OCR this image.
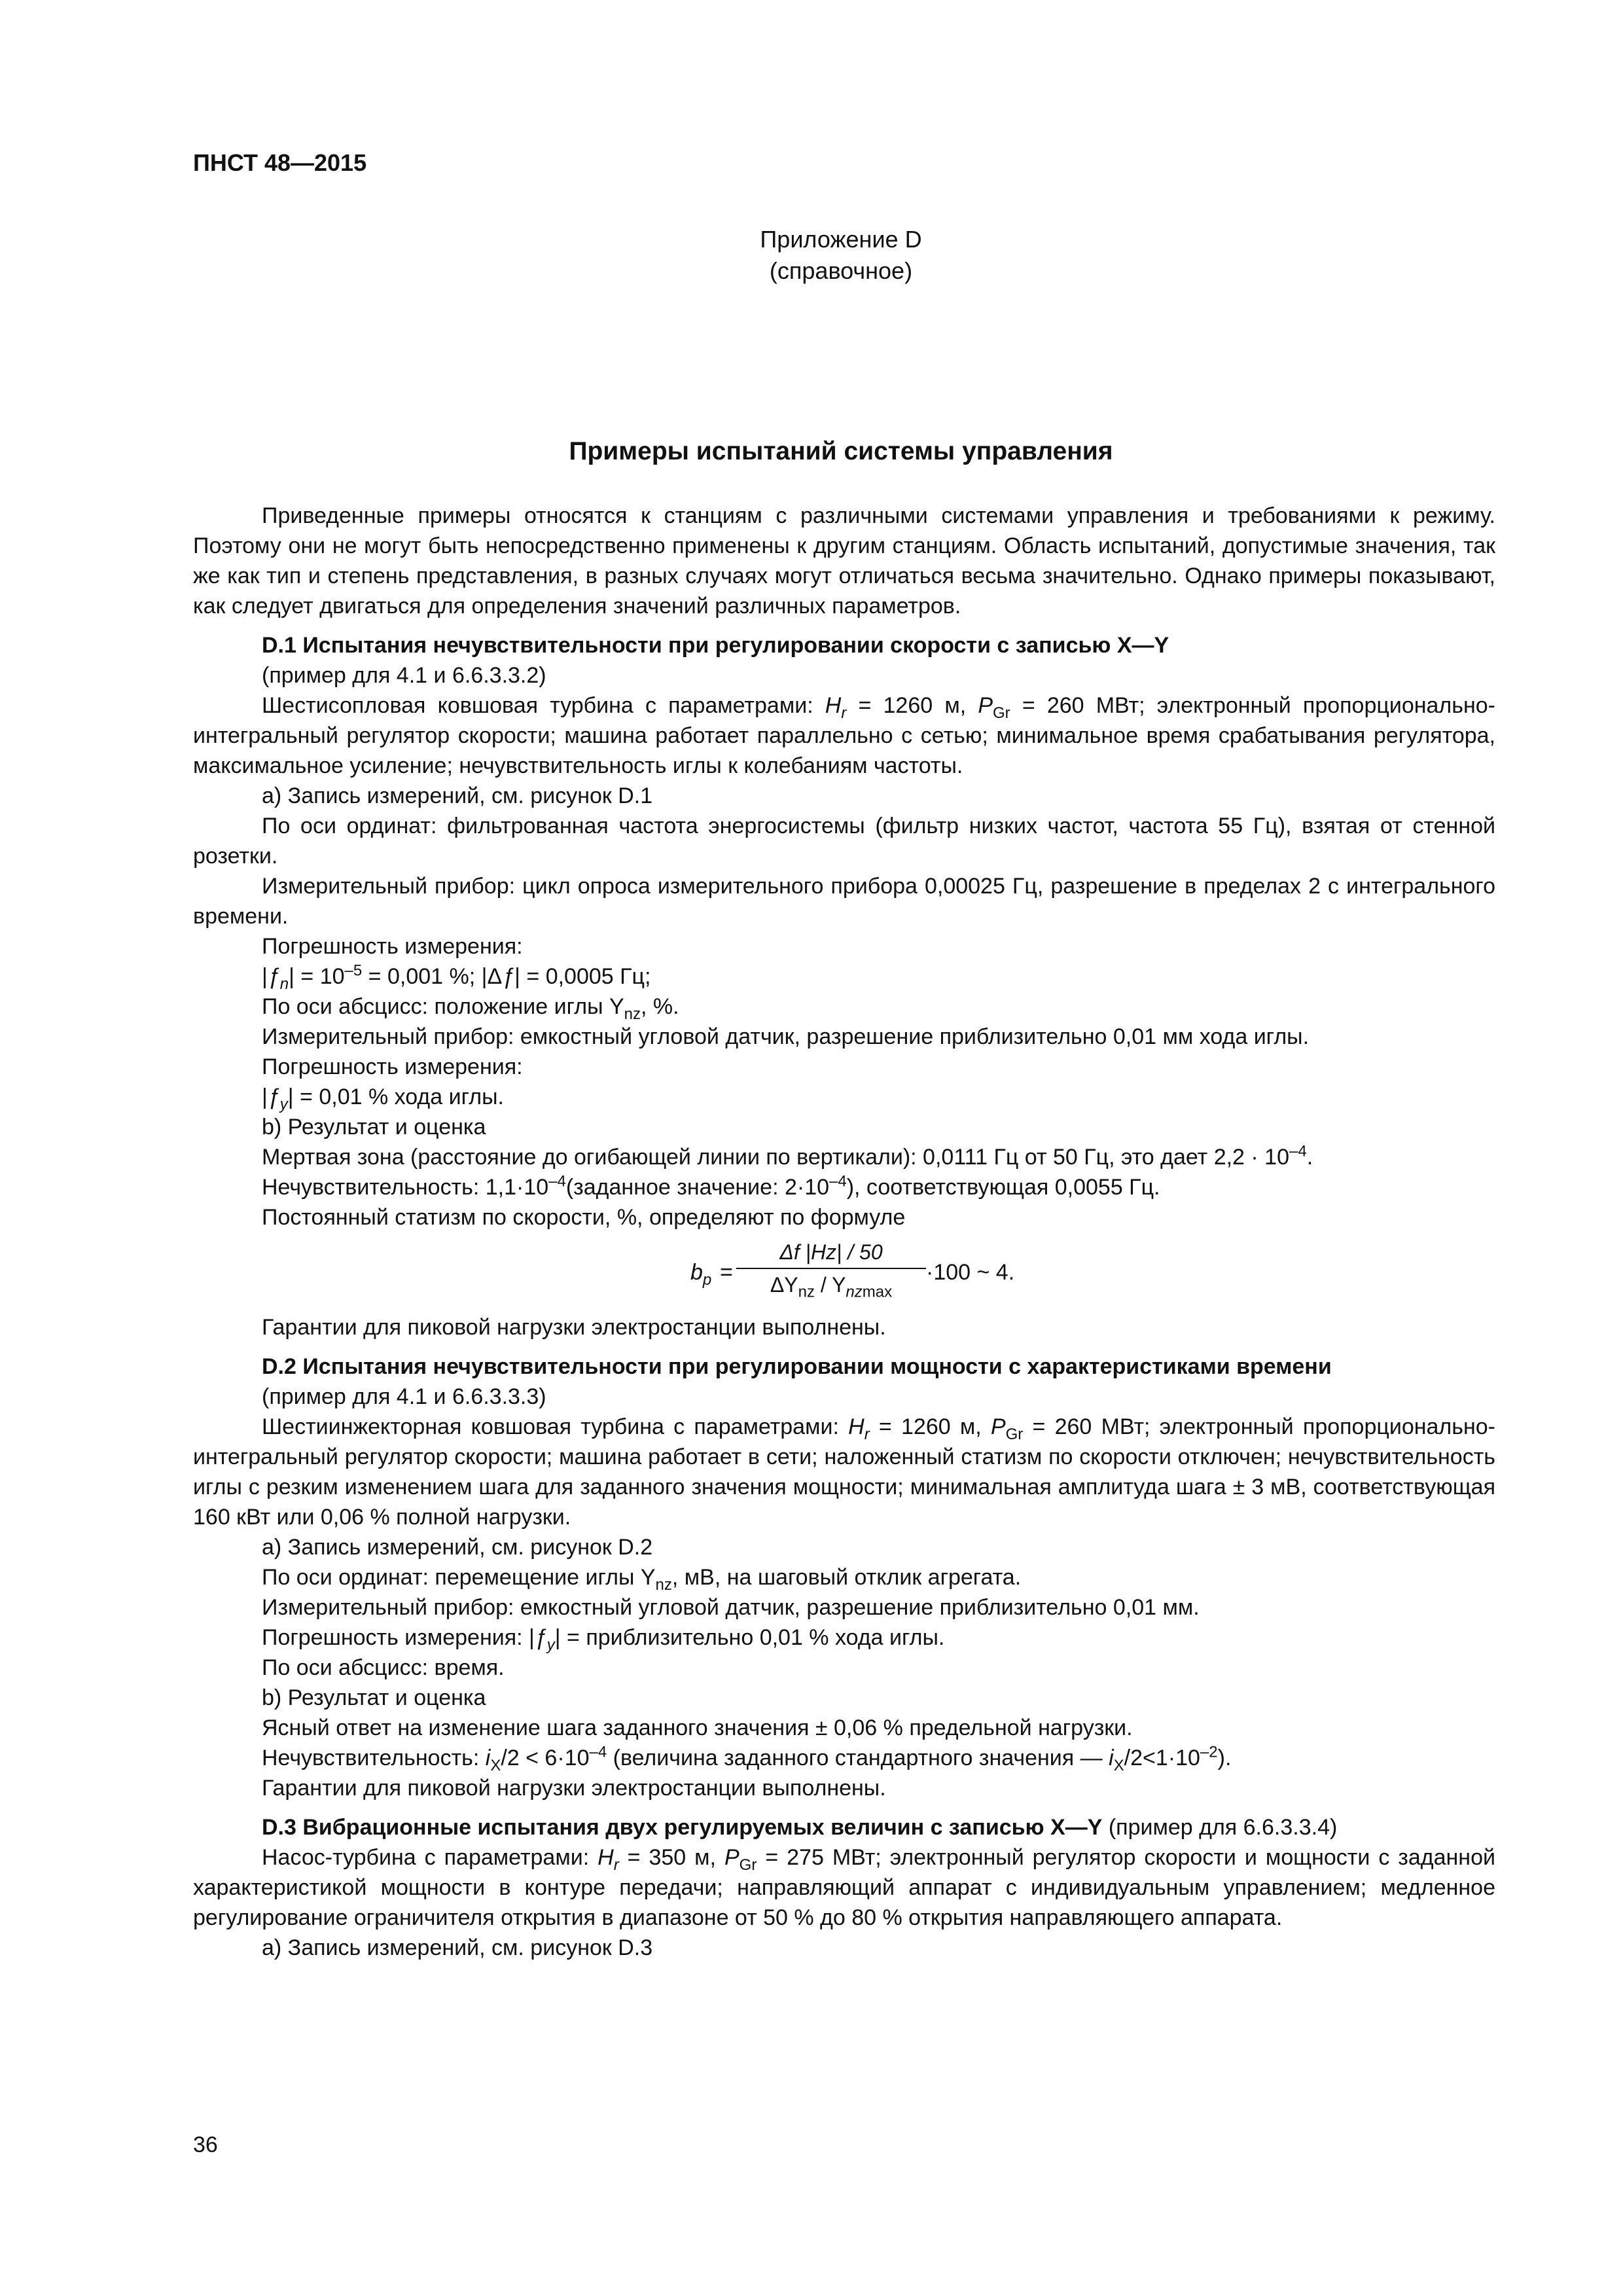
ПНСТ 48—2015
Приложение D
(справочное)
Примеры испытаний системы управления

Приведенные примеры относятся к станциям с различными системами управления и требованиями к режиму. Поэтому они не могут быть непосредственно применены к другим станциям. Область испытаний, допустимые значения, так же как тип и степень представления, в разных случаях могут отличаться весьма значительно. Однако примеры показывают, как следует двигаться для определения значений различных параметров.

D.1 Испытания нечувствительности при регулировании скорости с записью X—Y

(пример для 4.1 и 6.6.3.3.2)

Шестисопловая ковшовая турбина с параметрами: $H_r = 1260$ м, $P_{Gr} = 260$ МВт; электронный пропорционально-интегральный регулятор скорости; машина работает параллельно с сетью; минимальное время срабатывания регулятора, максимальное усиление; нечувствительность иглы к колебаниям частоты.

а) Запись измерений, см. рисунок D.1

По оси ординат: фильтрованная частота энергосистемы (фильтр низких частот, частота 55 Гц), взятая от стенной розетки.

Измерительный прибор: цикл опроса измерительного прибора 0,00025 Гц, разрешение в пределах 2 с интегрального времени.

Погрешность измерения:

$|ƒ_n| = 10^{-5} = 0,001$ %; |Δƒ| = 0,0005 Гц;

По оси абсцисс: положение иглы $Y_{nz}$, %.

Измерительный прибор: емкостный угловой датчик, разрешение приблизительно 0,01 мм хода иглы.

Погрешность измерения:

$|ƒ_y| = 0,01$ % хода иглы.

b) Результат и оценка

Мертвая зона (расстояние до огибающей линии по вертикали): 0,0111 Гц от 50 Гц, это дает $2,2 \cdot 10^{-4}$.

Нечувствительность: $1,1\cdot 10^{-4}(заданное$ значение: $2\cdot 10^{-4}$), соответствующая 0,0055 Гц.

Постоянный статизм по скорости, %, определяют по формуле

$b_p$ =
Δf |Hz| / 50
$\Delta Y_{nz} / Y_{nzmax}$
·100 ~ 4.

Гарантии для пиковой нагрузки электростанции выполнены.

D.2 Испытания нечувствительности при регулировании мощности с характеристиками времени

(пример для 4.1 и 6.6.3.3.3)

Шестиинжекторная ковшовая турбина с параметрами: $H_r = 1260$ м, $P_{Gr} = 260$ МВт; электронный пропорционально-интегральный регулятор скорости; машина работает в сети; наложенный статизм по скорости отключен; нечувствительность иглы с резким изменением шага для заданного значения мощности; минимальная амплитуда шага ± 3 мВ, соответствующая 160 кВт или 0,06 % полной нагрузки.

а) Запись измерений, см. рисунок D.2

По оси ординат: перемещение иглы $Y_{nz}$, мВ, на шаговый отклик агрегата.

Измерительный прибор: емкостный угловой датчик, разрешение приблизительно 0,01 мм.

Погрешность измерения: $|ƒ_y|$ = приблизительно 0,01 % хода иглы.

По оси абсцисс: время.

b) Результат и оценка

Ясный ответ на изменение шага заданного значения ± 0,06 % предельной нагрузки.

Нечувствительность: $i_X/2 < 6\cdot 10^{-4}$ (величина заданного стандартного значения — $i_X/2<1\cdot 10^{-2}$).

Гарантии для пиковой нагрузки электростанции выполнены.

D.3 Вибрационные испытания двух регулируемых величин с записью X—Y (пример для 6.6.3.3.4)

Насос-турбина с параметрами: $H_r = 350$ м, $P_{Gr} = 275$ МВт; электронный регулятор скорости и мощности с заданной характеристикой мощности в контуре передачи; направляющий аппарат с индивидуальным управлением; медленное регулирование ограничителя открытия в диапазоне от 50 % до 80 % открытия направляющего аппарата.

а) Запись измерений, см. рисунок D.3

36
